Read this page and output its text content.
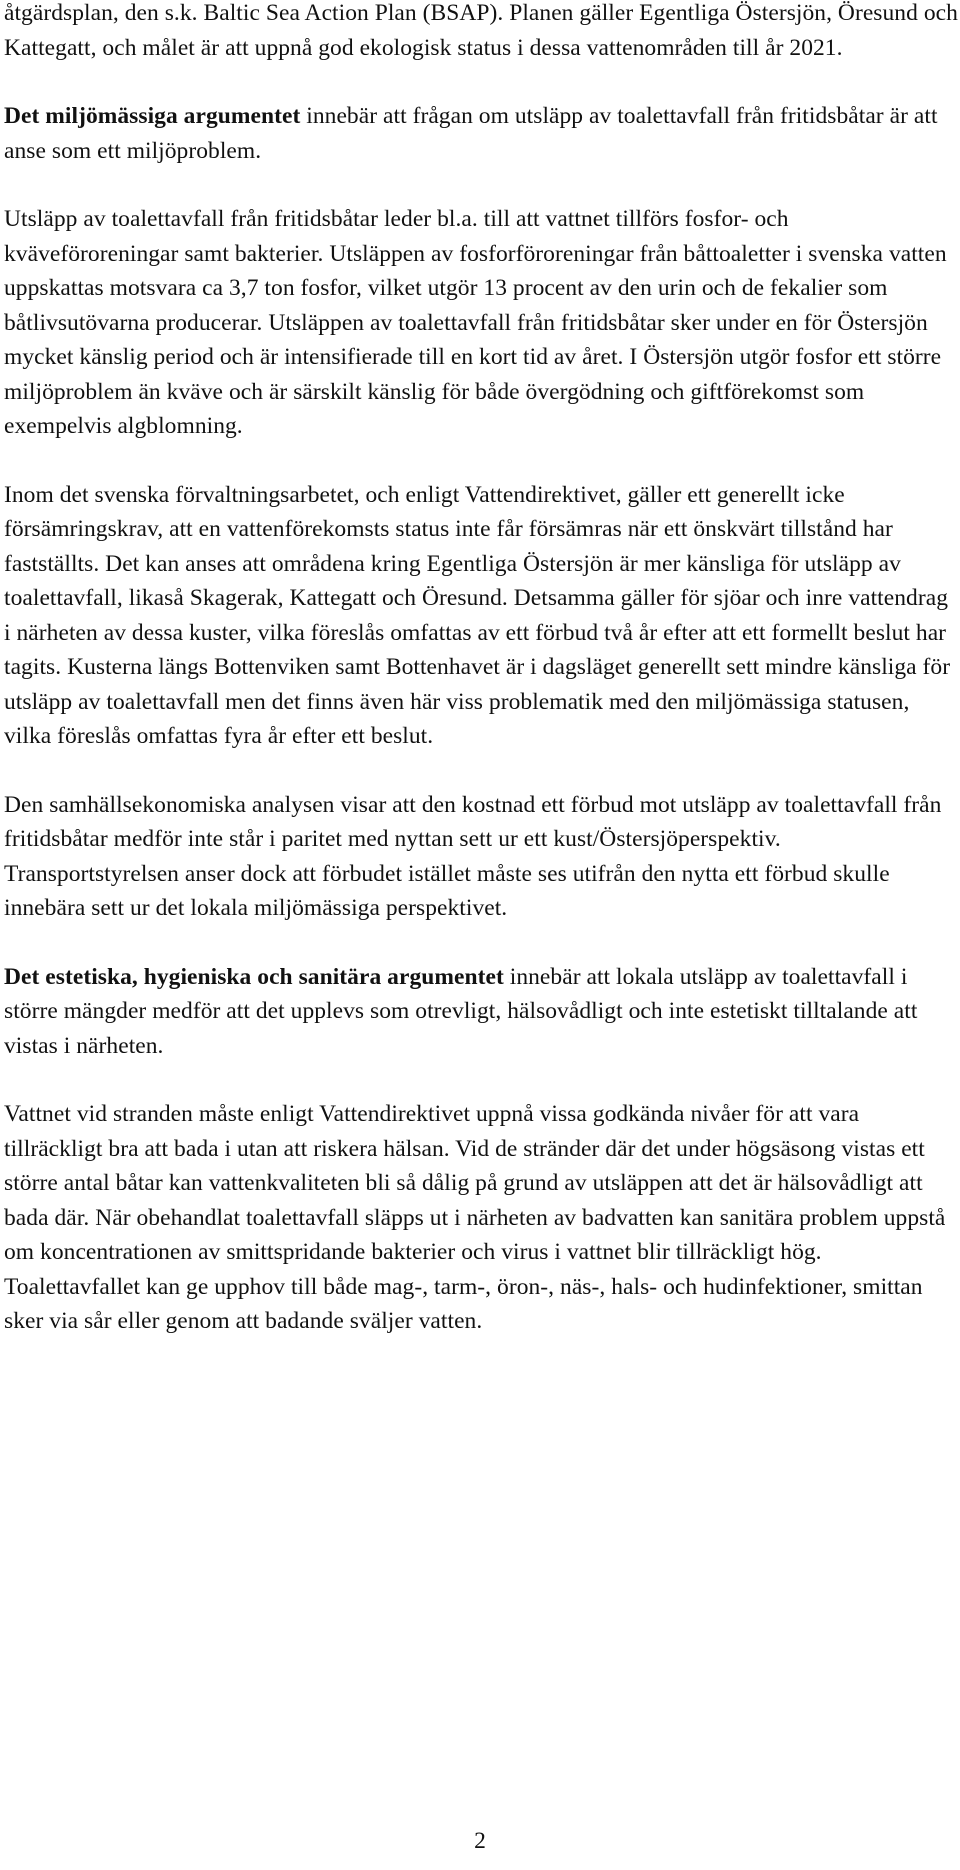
åtgärdsplan, den s.k. Baltic Sea Action Plan (BSAP). Planen gäller Egentliga Östersjön, Öresund och Kattegatt, och målet är att uppnå god ekologisk status i dessa vattenområden till år 2021.

Det miljömässiga argumentet innebär att frågan om utsläpp av toalettavfall från fritidsbåtar är att anse som ett miljöproblem.

Utsläpp av toalettavfall från fritidsbåtar leder bl.a. till att vattnet tillförs fosfor- och kväveföroreningar samt bakterier. Utsläppen av fosforföroreningar från båttoaletter i svenska vatten uppskattas motsvara ca 3,7 ton fosfor, vilket utgör 13 procent av den urin och de fekalier som båtlivsutövarna producerar. Utsläppen av toalettavfall från fritidsbåtar sker under en för Östersjön mycket känslig period och är intensifierade till en kort tid av året. I Östersjön utgör fosfor ett större miljöproblem än kväve och är särskilt känslig för både övergödning och giftförekomst som exempelvis algblomning.

Inom det svenska förvaltningsarbetet, och enligt Vattendirektivet, gäller ett generellt icke försämringskrav, att en vattenförekomsts status inte får försämras när ett önskvärt tillstånd har fastställts. Det kan anses att områdena kring Egentliga Östersjön är mer känsliga för utsläpp av toalettavfall, likaså Skagerak, Kattegatt och Öresund. Detsamma gäller för sjöar och inre vattendrag i närheten av dessa kuster, vilka föreslås omfattas av ett förbud två år efter att ett formellt beslut har tagits. Kusterna längs Bottenviken samt Bottenhavet är i dagsläget generellt sett mindre känsliga för utsläpp av toalettavfall men det finns även här viss problematik med den miljömässiga statusen, vilka föreslås omfattas fyra år efter ett beslut.

Den samhällsekonomiska analysen visar att den kostnad ett förbud mot utsläpp av toalettavfall från fritidsbåtar medför inte står i paritet med nyttan sett ur ett kust/Östersjöperspektiv. Transportstyrelsen anser dock att förbudet istället måste ses utifrån den nytta ett förbud skulle innebära sett ur det lokala miljömässiga perspektivet.

Det estetiska, hygieniska och sanitära argumentet innebär att lokala utsläpp av toalettavfall i större mängder medför att det upplevs som otrevligt, hälsovådligt och inte estetiskt tilltalande att vistas i närheten.

Vattnet vid stranden måste enligt Vattendirektivet uppnå vissa godkända nivåer för att vara tillräckligt bra att bada i utan att riskera hälsan. Vid de stränder där det under högsäsong vistas ett större antal båtar kan vattenkvaliteten bli så dålig på grund av utsläppen att det är hälsovådligt att bada där. När obehandlat toalettavfall släpps ut i närheten av badvatten kan sanitära problem uppstå om koncentrationen av smittspridande bakterier och virus i vattnet blir tillräckligt hög. Toalettavfallet kan ge upphov till både mag-, tarm-, öron-, näs-, hals- och hudinfektioner, smittan sker via sår eller genom att badande sväljer vatten.

2
